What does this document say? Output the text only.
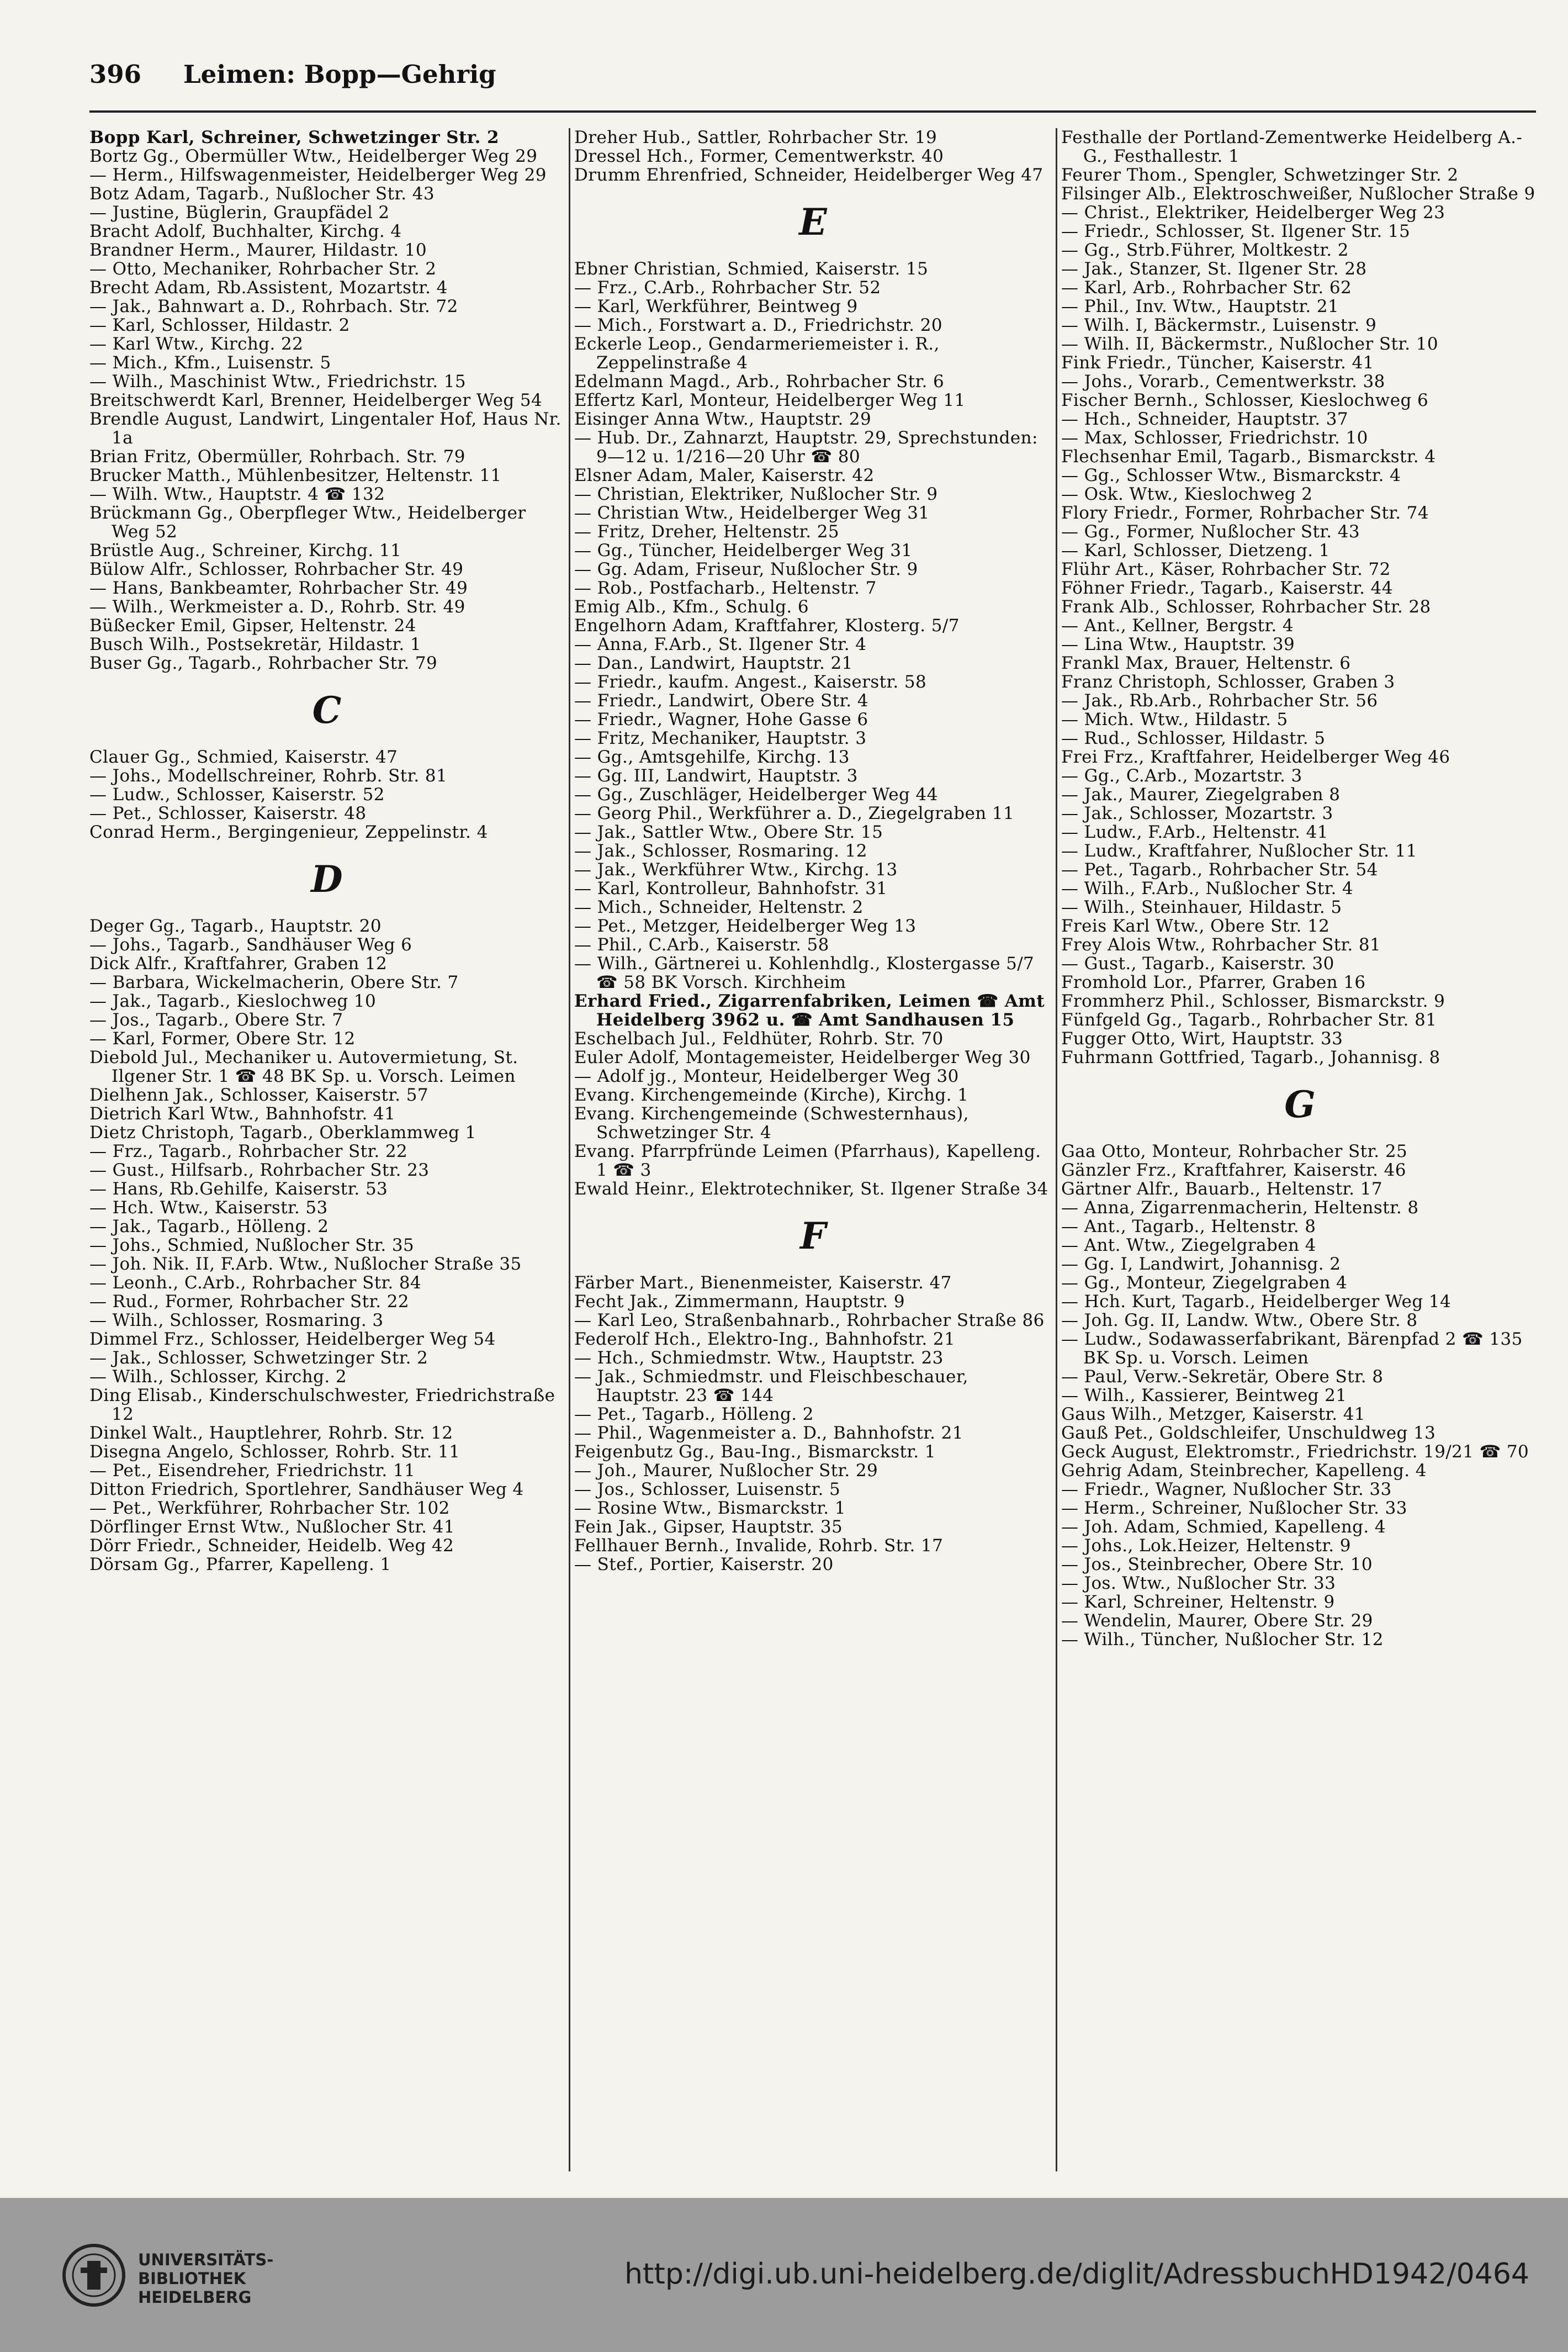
396 Leimen: Bopp—Gehrig

Bopp Karl, Schreiner, Schwetzinger Str. 2

Bortz Gg., Obermüller Wtw., Heidelberger Weg 29

— Herm., Hilfswagenmeister, Heidelberger Weg 29

Botz Adam, Tagarb., Nußlocher Str. 43

— Justine, Büglerin, Graupfädel 2

Bracht Adolf, Buchhalter, Kirchg. 4

Brandner Herm., Maurer, Hildastr. 10

— Otto, Mechaniker, Rohrbacher Str. 2

Brecht Adam, Rb.Assistent, Mozartstr. 4

— Jak., Bahnwart a. D., Rohrbach. Str. 72

— Karl, Schlosser, Hildastr. 2

— Karl Wtw., Kirchg. 22

— Mich., Kfm., Luisenstr. 5

— Wilh., Maschinist Wtw., Friedrichstr. 15

Breitschwerdt Karl, Brenner, Heidelberger Weg 54

Brendle August, Landwirt, Lingentaler Hof, Haus Nr. 1a

Brian Fritz, Obermüller, Rohrbach. Str. 79

Brucker Matth., Mühlenbesitzer, Heltenstr. 11

— Wilh. Wtw., Hauptstr. 4 ☎ 132

Brückmann Gg., Oberpfleger Wtw., Heidelberger Weg 52

Brüstle Aug., Schreiner, Kirchg. 11

Bülow Alfr., Schlosser, Rohrbacher Str. 49

— Hans, Bankbeamter, Rohrbacher Str. 49

— Wilh., Werkmeister a. D., Rohrb. Str. 49

Büßecker Emil, Gipser, Heltenstr. 24

Busch Wilh., Postsekretär, Hildastr. 1

Buser Gg., Tagarb., Rohrbacher Str. 79

C

Clauer Gg., Schmied, Kaiserstr. 47

— Johs., Modellschreiner, Rohrb. Str. 81

— Ludw., Schlosser, Kaiserstr. 52

— Pet., Schlosser, Kaiserstr. 48

Conrad Herm., Bergingenieur, Zeppelinstr. 4

D

Deger Gg., Tagarb., Hauptstr. 20

— Johs., Tagarb., Sandhäuser Weg 6

Dick Alfr., Kraftfahrer, Graben 12

— Barbara, Wickelmacherin, Obere Str. 7

— Jak., Tagarb., Kieslochweg 10

— Jos., Tagarb., Obere Str. 7

— Karl, Former, Obere Str. 12

Diebold Jul., Mechaniker u. Autovermietung, St. Ilgener Str. 1 ☎ 48 BK Sp. u. Vorsch. Leimen

Dielhenn Jak., Schlosser, Kaiserstr. 57

Dietrich Karl Wtw., Bahnhofstr. 41

Dietz Christoph, Tagarb., Oberklammweg 1

— Frz., Tagarb., Rohrbacher Str. 22

— Gust., Hilfsarb., Rohrbacher Str. 23

— Hans, Rb.Gehilfe, Kaiserstr. 53

— Hch. Wtw., Kaiserstr. 53

— Jak., Tagarb., Hölleng. 2

— Johs., Schmied, Nußlocher Str. 35

— Joh. Nik. II, F.Arb. Wtw., Nußlocher Straße 35

— Leonh., C.Arb., Rohrbacher Str. 84

— Rud., Former, Rohrbacher Str. 22

— Wilh., Schlosser, Rosmaring. 3

Dimmel Frz., Schlosser, Heidelberger Weg 54

— Jak., Schlosser, Schwetzinger Str. 2

— Wilh., Schlosser, Kirchg. 2

Ding Elisab., Kinderschulschwester, Friedrichstraße 12

Dinkel Walt., Hauptlehrer, Rohrb. Str. 12

Disegna Angelo, Schlosser, Rohrb. Str. 11

— Pet., Eisendreher, Friedrichstr. 11

Ditton Friedrich, Sportlehrer, Sandhäuser Weg 4

— Pet., Werkführer, Rohrbacher Str. 102

Dörflinger Ernst Wtw., Nußlocher Str. 41

Dörr Friedr., Schneider, Heidelb. Weg 42

Dörsam Gg., Pfarrer, Kapelleng. 1

Dreher Hub., Sattler, Rohrbacher Str. 19

Dressel Hch., Former, Cementwerkstr. 40

Drumm Ehrenfried, Schneider, Heidelberger Weg 47

E

Ebner Christian, Schmied, Kaiserstr. 15

— Frz., C.Arb., Rohrbacher Str. 52

— Karl, Werkführer, Beintweg 9

— Mich., Forstwart a. D., Friedrichstr. 20

Eckerle Leop., Gendarmeriemeister i. R., Zeppelinstraße 4

Edelmann Magd., Arb., Rohrbacher Str. 6

Effertz Karl, Monteur, Heidelberger Weg 11

Eisinger Anna Wtw., Hauptstr. 29

— Hub. Dr., Zahnarzt, Hauptstr. 29, Sprechstunden: 9—12 u. 1/216—20 Uhr ☎ 80

Elsner Adam, Maler, Kaiserstr. 42

— Christian, Elektriker, Nußlocher Str. 9

— Christian Wtw., Heidelberger Weg 31

— Fritz, Dreher, Heltenstr. 25

— Gg., Tüncher, Heidelberger Weg 31

— Gg. Adam, Friseur, Nußlocher Str. 9

— Rob., Postfacharb., Heltenstr. 7

Emig Alb., Kfm., Schulg. 6

Engelhorn Adam, Kraftfahrer, Klosterg. 5/7

— Anna, F.Arb., St. Ilgener Str. 4

— Dan., Landwirt, Hauptstr. 21

— Friedr., kaufm. Angest., Kaiserstr. 58

— Friedr., Landwirt, Obere Str. 4

— Friedr., Wagner, Hohe Gasse 6

— Fritz, Mechaniker, Hauptstr. 3

— Gg., Amtsgehilfe, Kirchg. 13

— Gg. III, Landwirt, Hauptstr. 3

— Gg., Zuschläger, Heidelberger Weg 44

— Georg Phil., Werkführer a. D., Ziegelgraben 11

— Jak., Sattler Wtw., Obere Str. 15

— Jak., Schlosser, Rosmaring. 12

— Jak., Werkführer Wtw., Kirchg. 13

— Karl, Kontrolleur, Bahnhofstr. 31

— Mich., Schneider, Heltenstr. 2

— Pet., Metzger, Heidelberger Weg 13

— Phil., C.Arb., Kaiserstr. 58

— Wilh., Gärtnerei u. Kohlenhdlg., Klostergasse 5/7 ☎ 58 BK Vorsch. Kirchheim

Erhard Fried., Zigarrenfabriken, Leimen ☎ Amt Heidelberg 3962 u. ☎ Amt Sandhausen 15

Eschelbach Jul., Feldhüter, Rohrb. Str. 70

Euler Adolf, Montagemeister, Heidelberger Weg 30

— Adolf jg., Monteur, Heidelberger Weg 30

Evang. Kirchengemeinde (Kirche), Kirchg. 1

Evang. Kirchengemeinde (Schwesternhaus), Schwetzinger Str. 4

Evang. Pfarrpfründe Leimen (Pfarrhaus), Kapelleng. 1 ☎ 3

Ewald Heinr., Elektrotechniker, St. Ilgener Straße 34

F

Färber Mart., Bienenmeister, Kaiserstr. 47

Fecht Jak., Zimmermann, Hauptstr. 9

— Karl Leo, Straßenbahnarb., Rohrbacher Straße 86

Federolf Hch., Elektro-Ing., Bahnhofstr. 21

— Hch., Schmiedmstr. Wtw., Hauptstr. 23

— Jak., Schmiedmstr. und Fleischbeschauer, Hauptstr. 23 ☎ 144

— Pet., Tagarb., Hölleng. 2

— Phil., Wagenmeister a. D., Bahnhofstr. 21

Feigenbutz Gg., Bau-Ing., Bismarckstr. 1

— Joh., Maurer, Nußlocher Str. 29

— Jos., Schlosser, Luisenstr. 5

— Rosine Wtw., Bismarckstr. 1

Fein Jak., Gipser, Hauptstr. 35

Fellhauer Bernh., Invalide, Rohrb. Str. 17

— Stef., Portier, Kaiserstr. 20

Festhalle der Portland-Zementwerke Heidelberg A.-G., Festhallestr. 1

Feurer Thom., Spengler, Schwetzinger Str. 2

Filsinger Alb., Elektroschweißer, Nußlocher Straße 9

— Christ., Elektriker, Heidelberger Weg 23

— Friedr., Schlosser, St. Ilgener Str. 15

— Gg., Strb.Führer, Moltkestr. 2

— Jak., Stanzer, St. Ilgener Str. 28

— Karl, Arb., Rohrbacher Str. 62

— Phil., Inv. Wtw., Hauptstr. 21

— Wilh. I, Bäckermstr., Luisenstr. 9

— Wilh. II, Bäckermstr., Nußlocher Str. 10

Fink Friedr., Tüncher, Kaiserstr. 41

— Johs., Vorarb., Cementwerkstr. 38

Fischer Bernh., Schlosser, Kieslochweg 6

— Hch., Schneider, Hauptstr. 37

— Max, Schlosser, Friedrichstr. 10

Flechsenhar Emil, Tagarb., Bismarckstr. 4

— Gg., Schlosser Wtw., Bismarckstr. 4

— Osk. Wtw., Kieslochweg 2

Flory Friedr., Former, Rohrbacher Str. 74

— Gg., Former, Nußlocher Str. 43

— Karl, Schlosser, Dietzeng. 1

Flühr Art., Käser, Rohrbacher Str. 72

Föhner Friedr., Tagarb., Kaiserstr. 44

Frank Alb., Schlosser, Rohrbacher Str. 28

— Ant., Kellner, Bergstr. 4

— Lina Wtw., Hauptstr. 39

Frankl Max, Brauer, Heltenstr. 6

Franz Christoph, Schlosser, Graben 3

— Jak., Rb.Arb., Rohrbacher Str. 56

— Mich. Wtw., Hildastr. 5

— Rud., Schlosser, Hildastr. 5

Frei Frz., Kraftfahrer, Heidelberger Weg 46

— Gg., C.Arb., Mozartstr. 3

— Jak., Maurer, Ziegelgraben 8

— Jak., Schlosser, Mozartstr. 3

— Ludw., F.Arb., Heltenstr. 41

— Ludw., Kraftfahrer, Nußlocher Str. 11

— Pet., Tagarb., Rohrbacher Str. 54

— Wilh., F.Arb., Nußlocher Str. 4

— Wilh., Steinhauer, Hildastr. 5

Freis Karl Wtw., Obere Str. 12

Frey Alois Wtw., Rohrbacher Str. 81

— Gust., Tagarb., Kaiserstr. 30

Fromhold Lor., Pfarrer, Graben 16

Frommherz Phil., Schlosser, Bismarckstr. 9

Fünfgeld Gg., Tagarb., Rohrbacher Str. 81

Fugger Otto, Wirt, Hauptstr. 33

Fuhrmann Gottfried, Tagarb., Johannisg. 8

G

Gaa Otto, Monteur, Rohrbacher Str. 25

Gänzler Frz., Kraftfahrer, Kaiserstr. 46

Gärtner Alfr., Bauarb., Heltenstr. 17

— Anna, Zigarrenmacherin, Heltenstr. 8

— Ant., Tagarb., Heltenstr. 8

— Ant. Wtw., Ziegelgraben 4

— Gg. I, Landwirt, Johannisg. 2

— Gg., Monteur, Ziegelgraben 4

— Hch. Kurt, Tagarb., Heidelberger Weg 14

— Joh. Gg. II, Landw. Wtw., Obere Str. 8

— Ludw., Sodawasserfabrikant, Bärenpfad 2 ☎ 135 BK Sp. u. Vorsch. Leimen

— Paul, Verw.-Sekretär, Obere Str. 8

— Wilh., Kassierer, Beintweg 21

Gaus Wilh., Metzger, Kaiserstr. 41

Gauß Pet., Goldschleifer, Unschuldweg 13

Geck August, Elektromstr., Friedrichstr. 19/21 ☎ 70

Gehrig Adam, Steinbrecher, Kapelleng. 4

— Friedr., Wagner, Nußlocher Str. 33

— Herm., Schreiner, Nußlocher Str. 33

— Joh. Adam, Schmied, Kapelleng. 4

— Johs., Lok.Heizer, Heltenstr. 9

— Jos., Steinbrecher, Obere Str. 10

— Jos. Wtw., Nußlocher Str. 33

— Karl, Schreiner, Heltenstr. 9

— Wendelin, Maurer, Obere Str. 29

— Wilh., Tüncher, Nußlocher Str. 12

UNIVERSITÄTS-
BIBLIOTHEK
HEIDELBERG
http://digi.ub.uni-heidelberg.de/diglit/AdressbuchHD1942/0464
